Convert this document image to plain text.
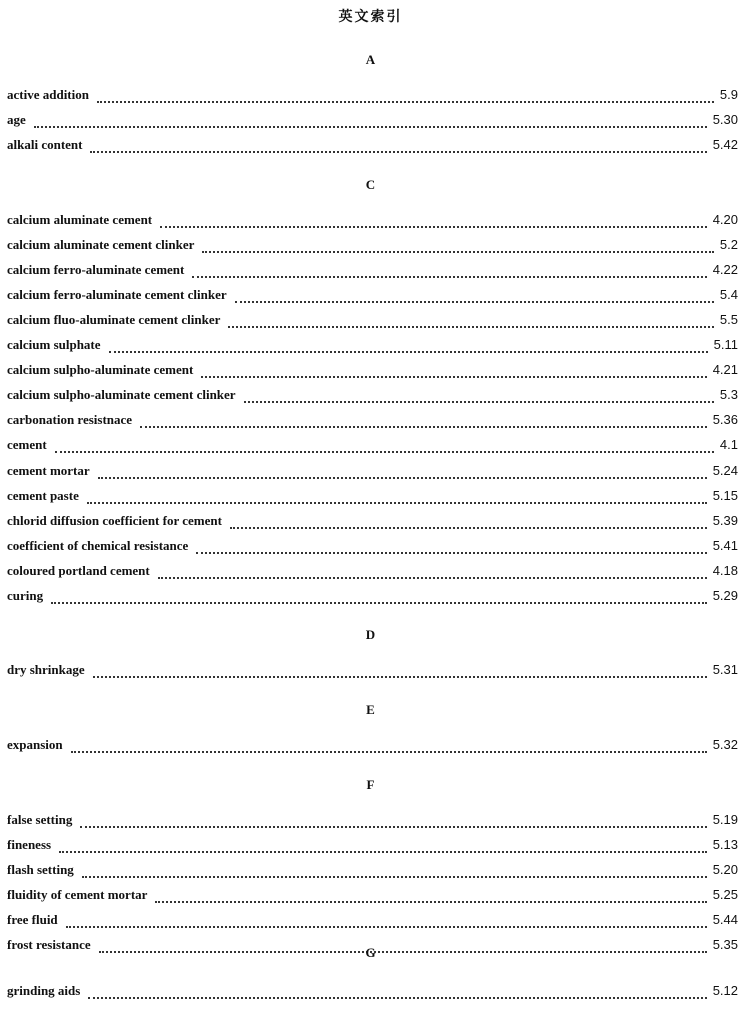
英文索引
A
active addition	5.9
age	5.30
alkali content	5.42
C
calcium aluminate cement	4.20
calcium aluminate cement clinker	5.2
calcium ferro-aluminate cement	4.22
calcium ferro-aluminate cement clinker	5.4
calcium fluo-aluminate cement clinker	5.5
calcium sulphate	5.11
calcium sulpho-aluminate cement	4.21
calcium sulpho-aluminate cement clinker	5.3
carbonation resistnace	5.36
cement	4.1
cement mortar	5.24
cement paste	5.15
chlorid diffusion coefficient for cement	5.39
coefficient of chemical resistance	5.41
coloured portland cement	4.18
curing	5.29
D
dry shrinkage	5.31
E
expansion	5.32
F
false setting	5.19
fineness	5.13
flash setting	5.20
fluidity of cement mortar	5.25
free fluid	5.44
frost resistance	5.35
G
grinding aids	5.12
